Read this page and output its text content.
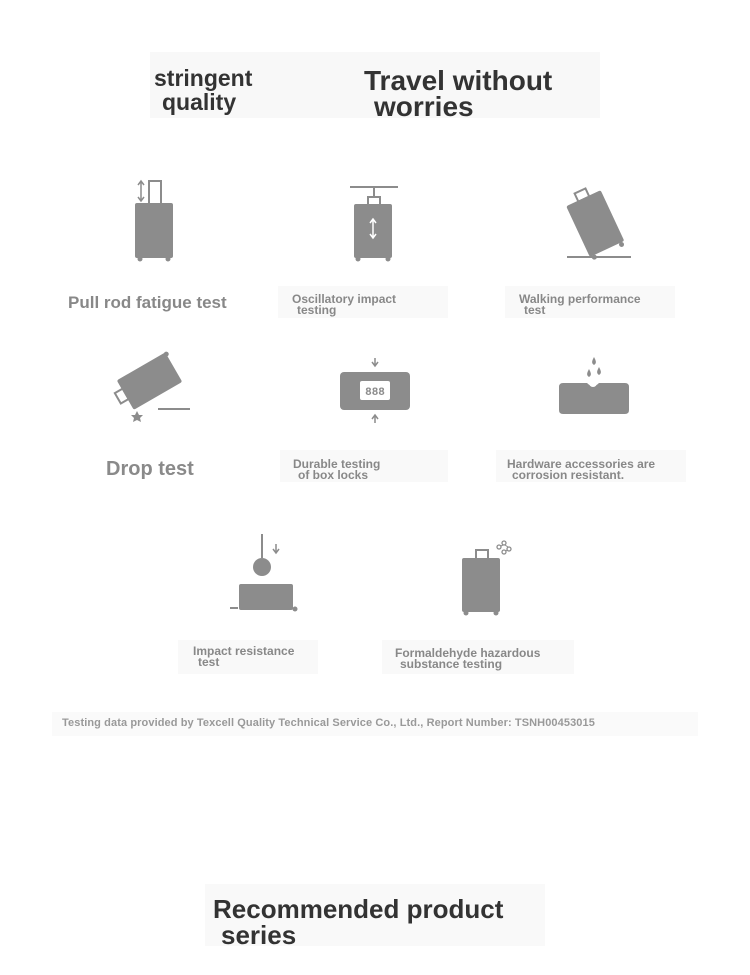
stringent
quality
Travel without
worries
Pull rod fatigue test	Oscillatory impact
testing
Walking performance
test
888
Drop test	Durable testing
of box locks
Hardware accessories are
corrosion resistant.
Impact resistance
test
Formaldehyde hazardous
substance testing
Testing data provided by Texcell Quality Technical Service Co., Ltd., Report Number: TSNH00453015
Recommended product
series
